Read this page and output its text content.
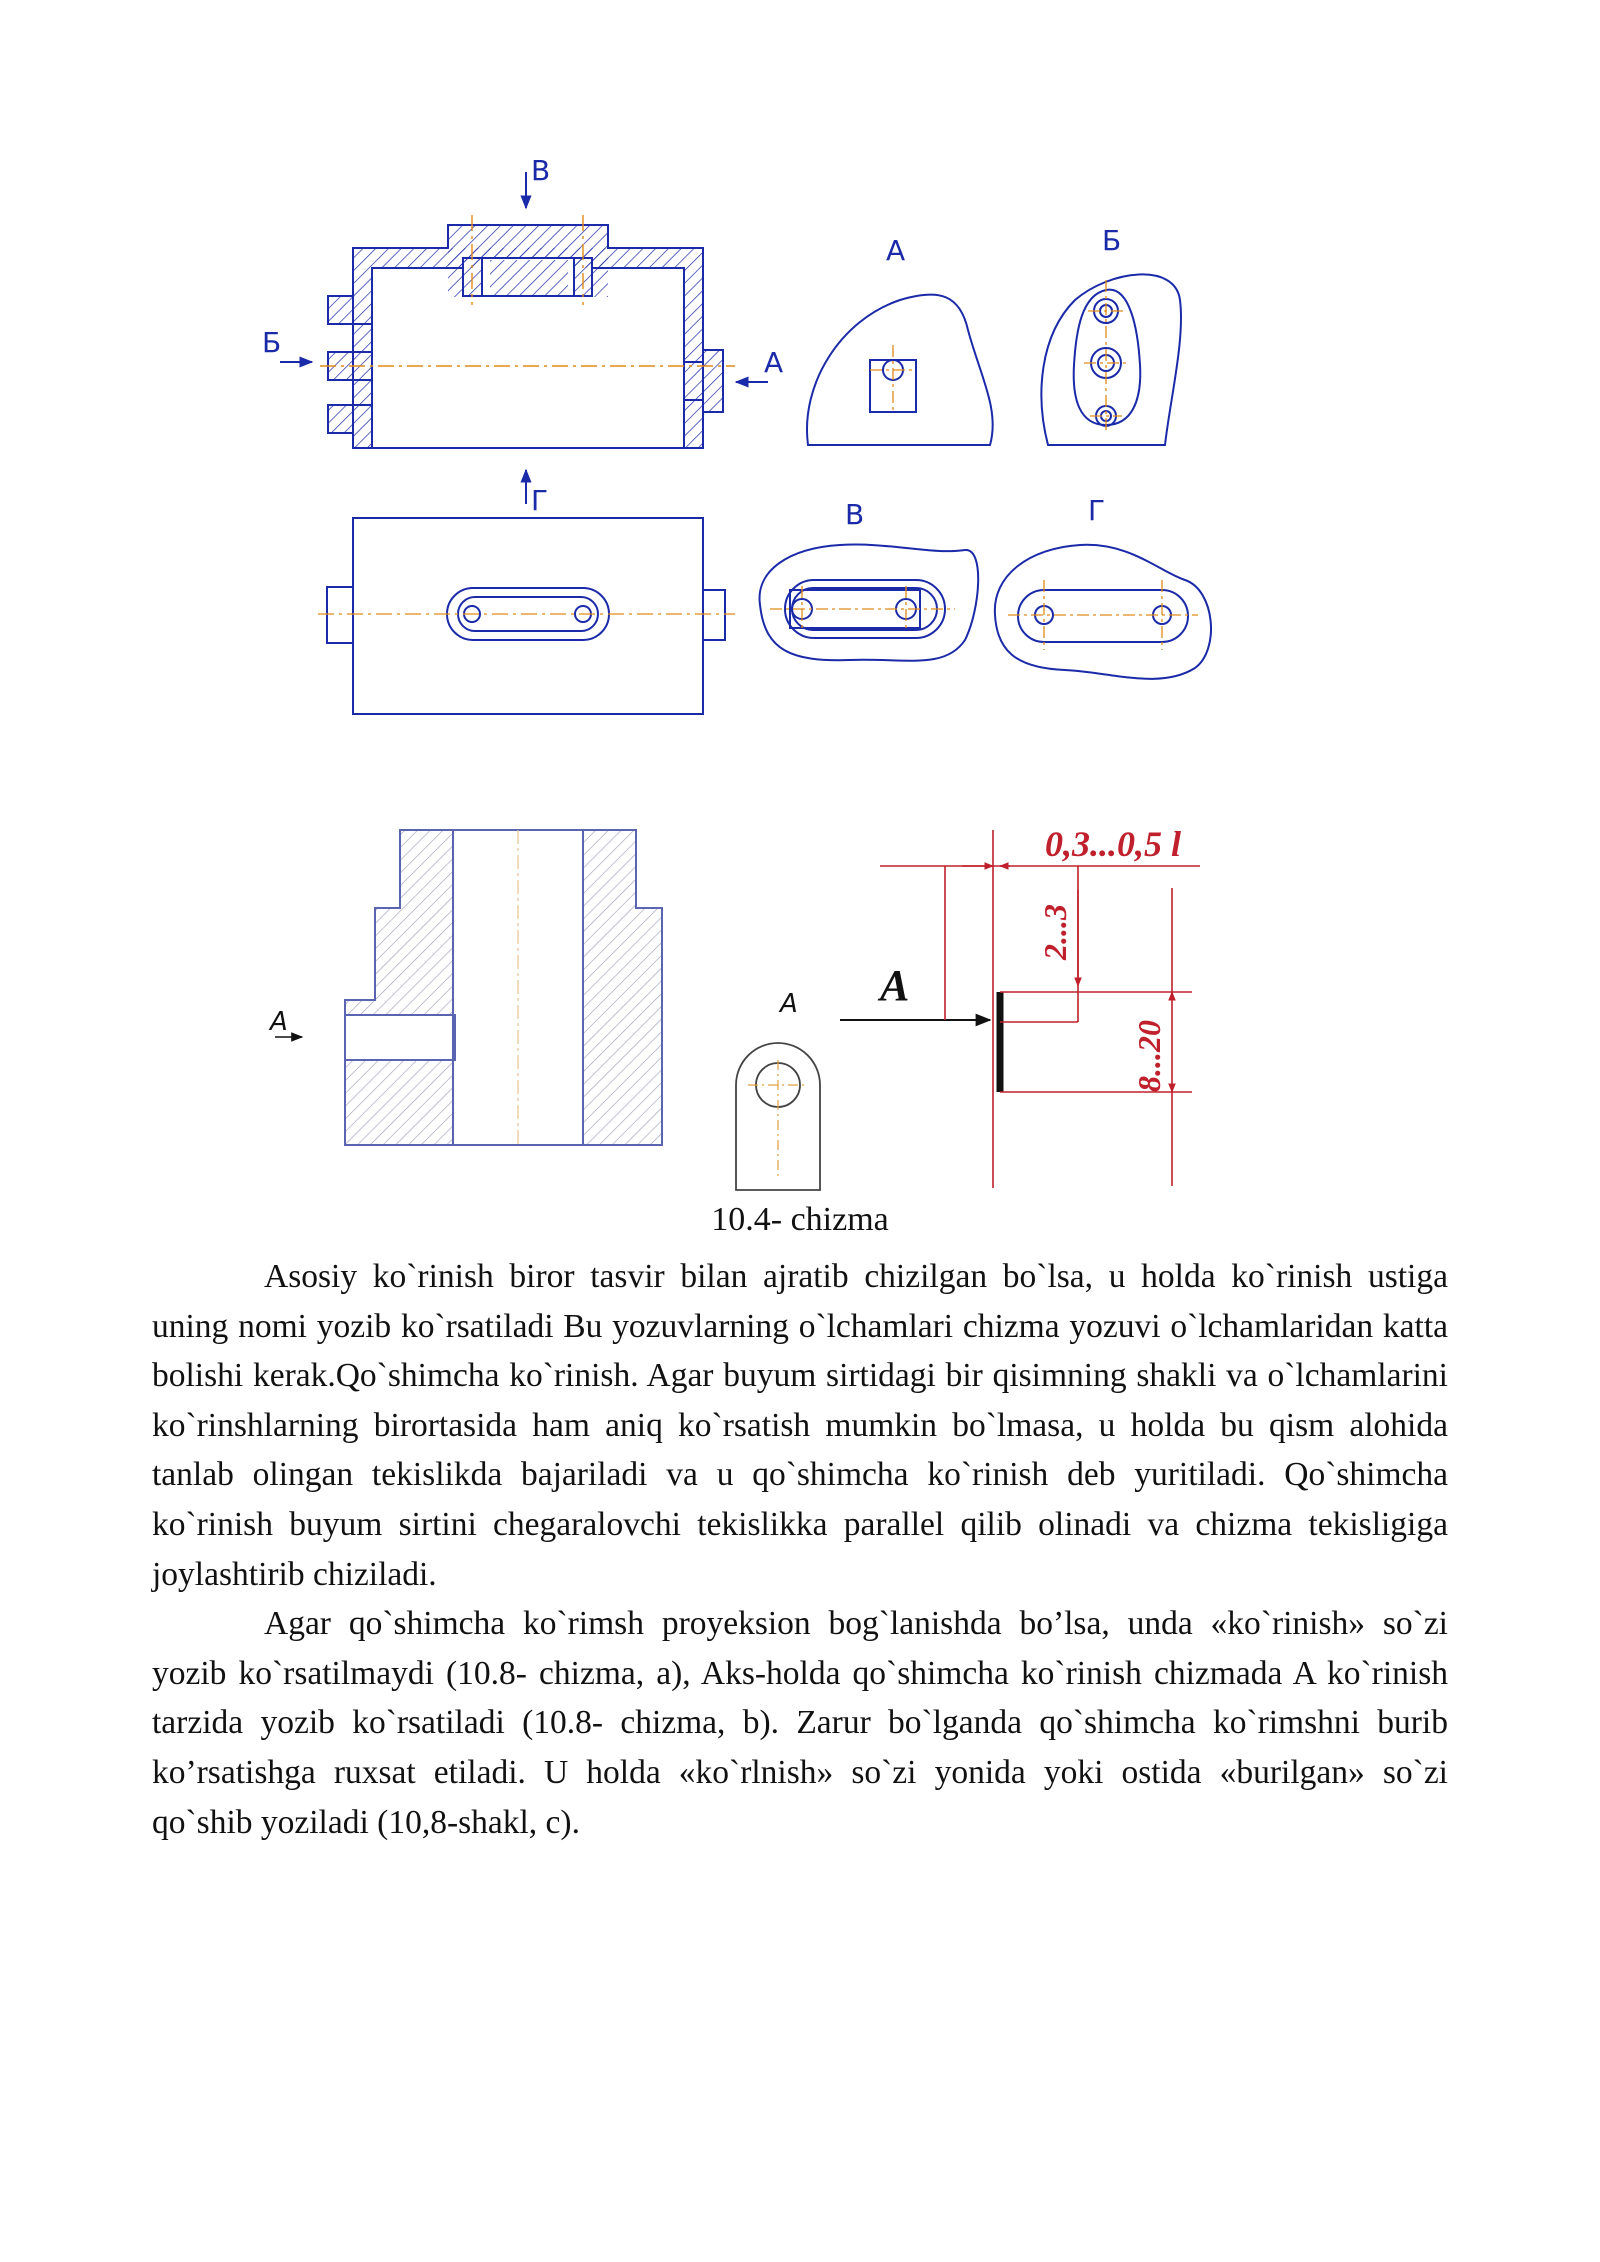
В
Б
А
Г
А	Б
В	Г
А
A
0,3...0,5 l
2...3
8...20
A
10.4- chizma

Asosiy ko`rinish biror tasvir bilan ajratib chizilgan bo`lsa, u holda ko`rinish ustiga uning nomi yozib ko`rsatiladi Bu yozuvlarning o`lchamlari chizma yozuvi o`lchamlaridan katta bolishi kerak.Qo`shimcha ko`rinish. Agar buyum sirtidagi bir qisimning shakli va o`lchamlarini ko`rinshlarning birortasida ham aniq ko`rsatish mumkin bo`lmasa, u holda bu qism alohida tanlab olingan tekislikda bajariladi va u qo`shimcha ko`rinish deb yuritiladi. Qo`shimcha ko`rinish buyum sirtini chegaralovchi tekislikka parallel qilib olinadi va chizma tekisligiga joylashtirib chiziladi.

Agar qo`shimcha ko`rimsh proyeksion bog`lanishda bo’lsa, unda «ko`rinish» so`zi yozib ko`rsatilmaydi (10.8- chizma, a), Aks-holda qo`shimcha ko`rinish chizmada A ko`rinish tarzida yozib ko`rsatiladi (10.8- chizma, b). Zarur bo`lganda qo`shimcha ko`rimshni burib ko’rsatishga ruxsat etiladi. U holda «ko`rlnish» so`zi yonida yoki ostida «burilgan» so`zi qo`shib yoziladi (10,8-shakl, c).
